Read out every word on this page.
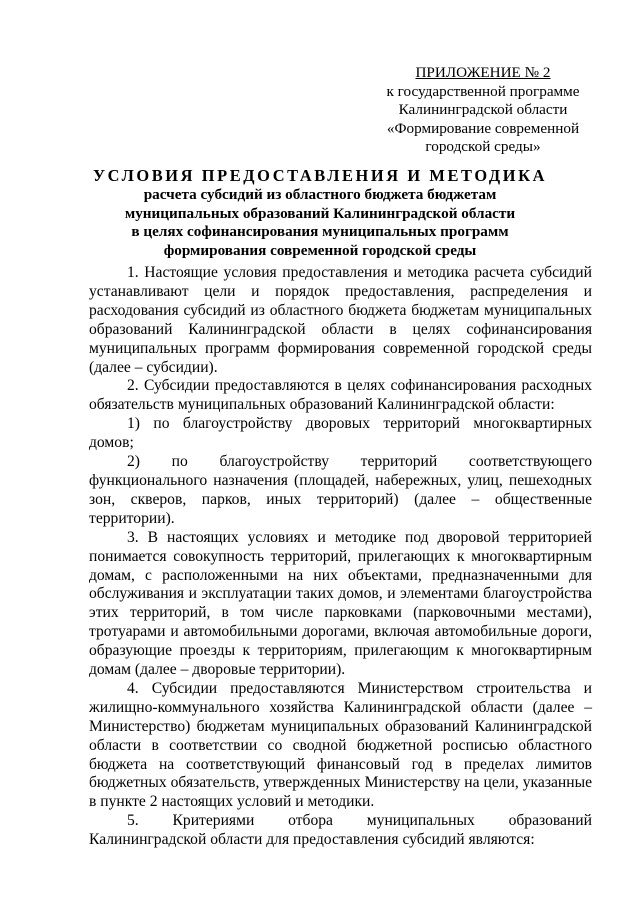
ПРИЛОЖЕНИЕ № 2
к государственной программе
Калининградской области
«Формирование современной
городской среды»
УСЛОВИЯ ПРЕДОСТАВЛЕНИЯ И МЕТОДИКА
расчета субсидий из областного бюджета бюджетам
муниципальных образований Калининградской области
в целях софинансирования муниципальных программ
формирования современной городской среды

1. Настоящие условия предоставления и методика расчета субсидий устанавливают цели и порядок предоставления, распределения и расходования субсидий из областного бюджета бюджетам муниципальных образований Калининградской области в целях софинансирования муниципальных программ формирования современной городской среды (далее – субсидии).

2. Субсидии предоставляются в целях софинансирования расходных обязательств муниципальных образований Калининградской области:

1) по благоустройству дворовых территорий многоквартирных домов;

2) по благоустройству территорий соответствующего функционального назначения (площадей, набережных, улиц, пешеходных зон, скверов, парков, иных территорий) (далее – общественные территории).

3. В настоящих условиях и методике под дворовой территорией понимается совокупность территорий, прилегающих к многоквартирным домам, с расположенными на них объектами, предназначенными для обслуживания и эксплуатации таких домов, и элементами благоустройства этих территорий, в том числе парковками (парковочными местами), тротуарами и автомобильными дорогами, включая автомобильные дороги, образующие проезды к территориям, прилегающим к многоквартирным домам (далее – дворовые территории).

4. Субсидии предоставляются Министерством строительства и жилищно-коммунального хозяйства Калининградской области (далее – Министерство) бюджетам муниципальных образований Калининградской области в соответствии со сводной бюджетной росписью областного бюджета на соответствующий финансовый год в пределах лимитов бюджетных обязательств, утвержденных Министерству на цели, указанные в пункте 2 настоящих условий и методики.

5. Критериями отбора муниципальных образований Калининградской области для предоставления субсидий являются:
